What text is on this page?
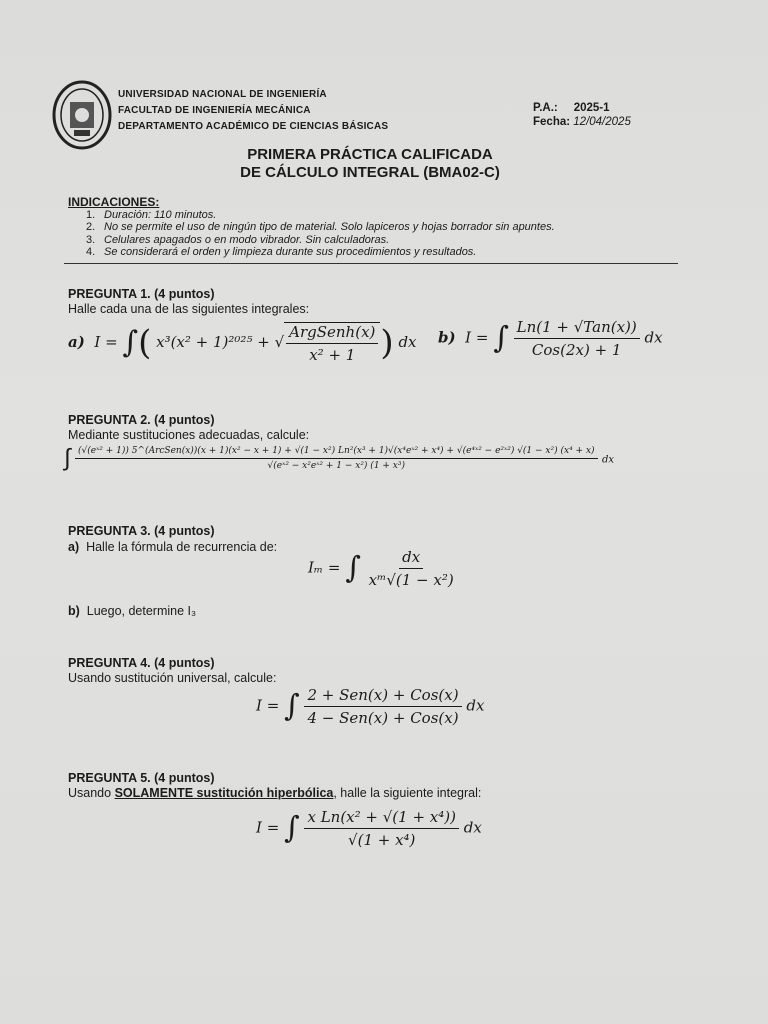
UNIVERSIDAD NACIONAL DE INGENIERÍA
FACULTAD DE INGENIERÍA MECÁNICA
DEPARTAMENTO ACADÉMICO DE CIENCIAS BÁSICAS
P.A.: 2025-1
Fecha: 12/04/2025
PRIMERA PRÁCTICA CALIFICADA
DE CÁLCULO INTEGRAL (BMA02-C)
INDICACIONES:
1. Duración: 110 minutos.
2. No se permite el uso de ningún tipo de material. Solo lapiceros y hojas borrador sin apuntes.
3. Celulares apagados o en modo vibrador. Sin calculadoras.
4. Se considerará el orden y limpieza durante sus procedimientos y resultados.
PREGUNTA 1. (4 puntos)
Halle cada una de las siguientes integrales:
a) I = ∫( x³(x² + 1)²⁰²⁵ + √ $\frac{\text{ArgSenh(x)}}{\text{x² + 1}}$ ) dx b) I = ∫ $\frac{\text{Ln(1 + √Tan(x))}}{\text{Cos(2x) + 1}}$ dx
PREGUNTA 2. (4 puntos)
Mediante sustituciones adecuadas, calcule:
∫ (√(eˣ² + 1)) 5^(ArcSen(x))(x + 1)(x² − x + 1) + √(1 − x²) Ln²(x³ + 1)√(x⁴eˣ² + x⁴) + √(e⁴ˣ² − e²ˣ²) √(1 − x²) (x⁴ + x)
√(eˣ² − x²eˣ² + 1 − x²) (1 + x³)
dx
PREGUNTA 3. (4 puntos)
a) Halle la fórmula de recurrencia de:
Iₘ = ∫ $\frac{dx}{\text{xᵐ√(1 − x²)}}$
b) Luego, determine I₃
PREGUNTA 4. (4 puntos)
Usando sustitución universal, calcule:
I = ∫ $\frac{\text{2 + Sen(x) + Cos(x)}}{\text{4 − Sen(x) + Cos(x)}}$ dx
PREGUNTA 5. (4 puntos)
Usando SOLAMENTE sustitución hiperbólica, halle la siguiente integral:
I = ∫ $\frac{\text{x Ln(x² + √(1 + x⁴))}}{\text{√(1 + x⁴)}}$ dx
